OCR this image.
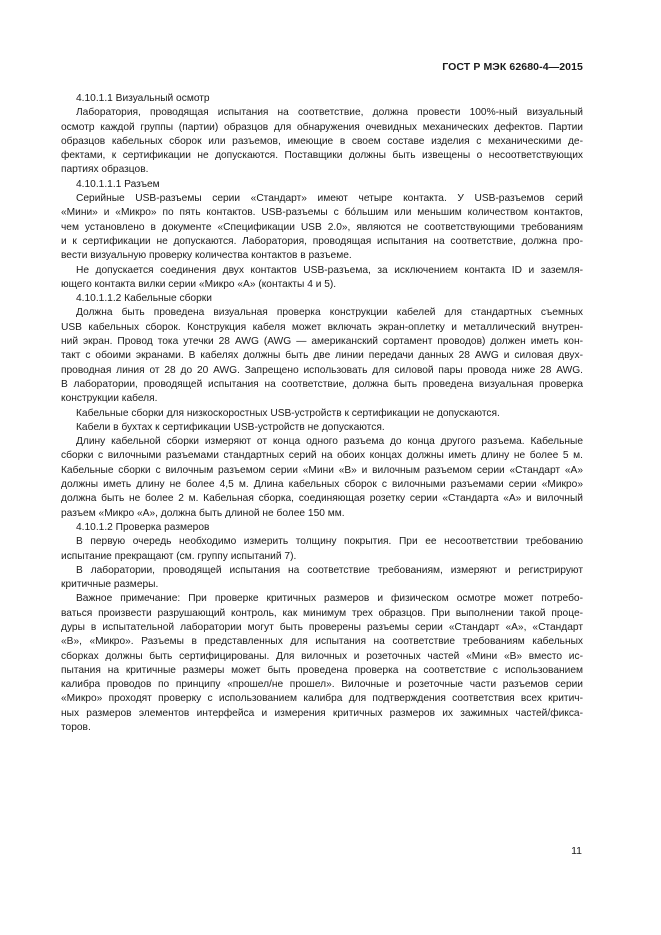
ГОСТ Р МЭК 62680-4—2015
4.10.1.1 Визуальный осмотр
Лаборатория, проводящая испытания на соответствие, должна провести 100%-ный визуальный
осмотр каждой группы (партии) образцов для обнаружения очевидных механических дефектов. Партии
образцов кабельных сборок или разъемов, имеющие в своем составе изделия с механическими де-
фектами, к сертификации не допускаются. Поставщики должны быть извещены о несоответствующих
партиях образцов.
4.10.1.1.1 Разъем
Серийные USB-разъемы серии «Стандарт» имеют четыре контакта. У USB-разъемов серий
«Мини» и «Микро» по пять контактов. USB-разъемы с бо́льшим или меньшим количеством контактов,
чем установлено в документе «Спецификации USB 2.0», являются не соответствующими требованиям
и к сертификации не допускаются. Лаборатория, проводящая испытания на соответствие, должна про-
вести визуальную проверку количества контактов в разъеме.
Не допускается соединения двух контактов USB-разъема, за исключением контакта ID и заземля-
ющего контакта вилки серии «Микро «А» (контакты 4 и 5).
4.10.1.1.2 Кабельные сборки
Должна быть проведена визуальная проверка конструкции кабелей для стандартных съемных
USB кабельных сборок. Конструкция кабеля может включать экран-оплетку и металлический внутрен-
ний экран. Провод тока утечки 28 AWG (AWG — американский сортамент проводов) должен иметь кон-
такт с обоими экранами. В кабелях должны быть две линии передачи данных 28 AWG и силовая двух-
проводная линия от 28 до 20 AWG. Запрещено использовать для силовой пары провода ниже 28 AWG.
В лаборатории, проводящей испытания на соответствие, должна быть проведена визуальная проверка
конструкции кабеля.
Кабельные сборки для низкоскоростных USB-устройств к сертификации не допускаются.
Кабели в бухтах к сертификации USB-устройств не допускаются.
Длину кабельной сборки измеряют от конца одного разъема до конца другого разъема. Кабельные
сборки с вилочными разъемами стандартных серий на обоих концах должны иметь длину не более 5 м.
Кабельные сборки с вилочным разъемом серии «Мини «В» и вилочным разъемом серии «Стандарт «А»
должны иметь длину не более 4,5 м. Длина кабельных сборок с вилочными разъемами серии «Микро»
должна быть не более 2 м. Кабельная сборка, соединяющая розетку серии «Стандарта «А» и вилочный
разъем «Микро «А», должна быть длиной не более 150 мм.
4.10.1.2 Проверка размеров
В первую очередь необходимо измерить толщину покрытия. При ее несоответствии требованию
испытание прекращают (см. группу испытаний 7).
В лаборатории, проводящей испытания на соответствие требованиям, измеряют и регистрируют
критичные размеры.
Важное примечание: При проверке критичных размеров и физическом осмотре может потребо-
ваться произвести разрушающий контроль, как минимум трех образцов. При выполнении такой проце-
дуры в испытательной лаборатории могут быть проверены разъемы серии «Стандарт «А», «Стандарт
«В», «Микро». Разъемы в представленных для испытания на соответствие требованиям кабельных
сборках должны быть сертифицированы. Для вилочных и розеточных частей «Мини «В» вместо ис-
пытания на критичные размеры может быть проведена проверка на соответствие с использованием
калибра проводов по принципу «прошел/не прошел». Вилочные и розеточные части разъемов серии
«Микро» проходят проверку с использованием калибра для подтверждения соответствия всех критич-
ных размеров элементов интерфейса и измерения критичных размеров их зажимных частей/фикса-
торов.
11
